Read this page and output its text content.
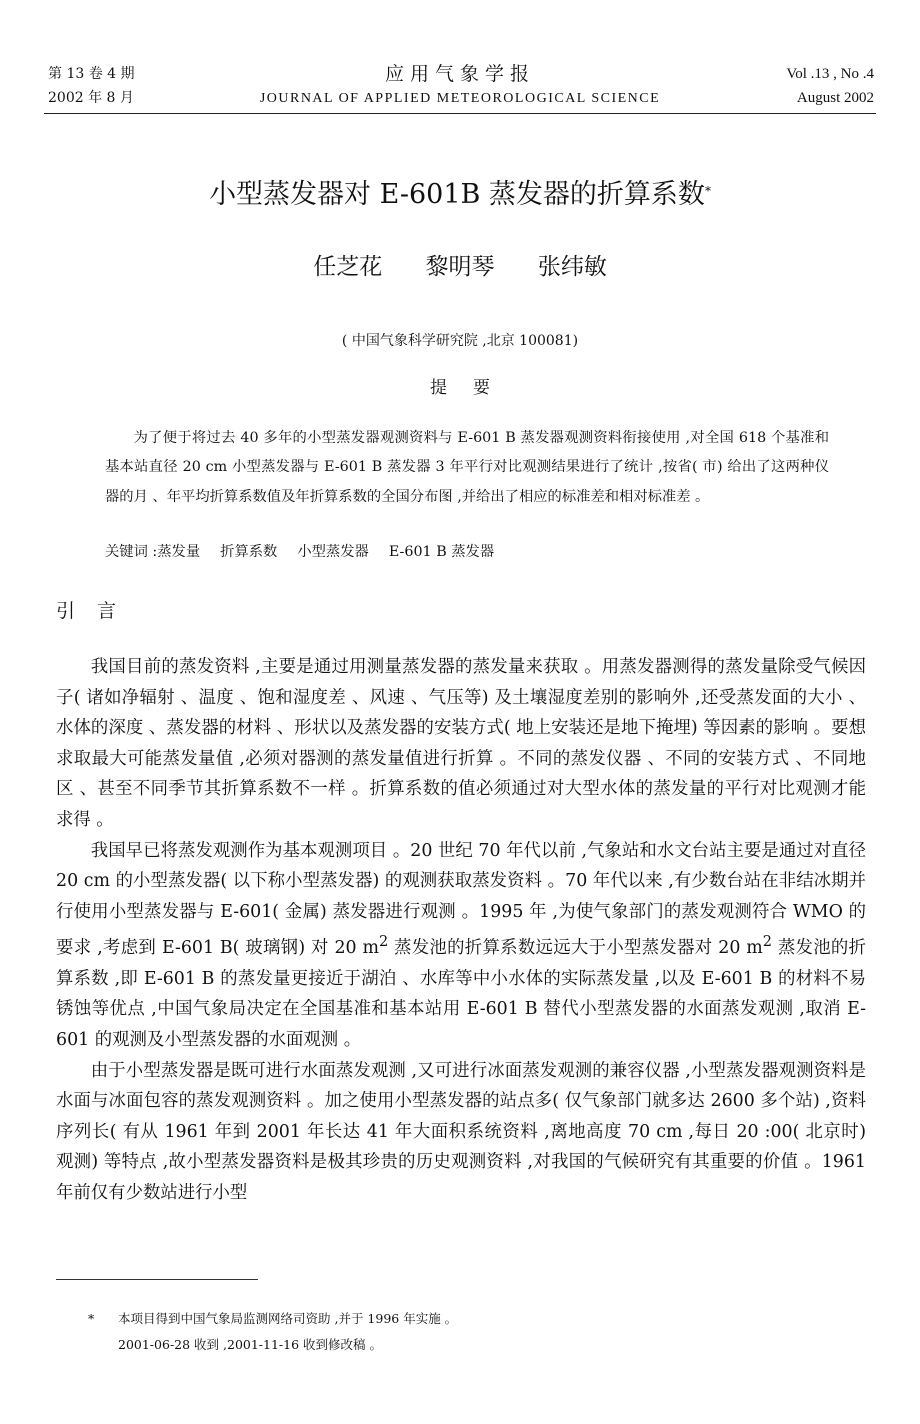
第 13 卷 4 期
2002 年 8 月
应用气象学报
JOURNAL OF APPLIED METEOROLOGICAL SCIENCE
Vol .13 , No .4
August 2002
小型蒸发器对 E-601B 蒸发器的折算系数*
任芝花 黎明琴 张纬敏
( 中国气象科学研究院 ,北京 100081)
提要

为了便于将过去 40 多年的小型蒸发器观测资料与 E-601 B 蒸发器观测资料衔接使用 ,对全国 618 个基准和基本站直径 20 cm 小型蒸发器与 E-601 B 蒸发器 3 年平行对比观测结果进行了统计 ,按省( 市) 给出了这两种仪器的月 、年平均折算系数值及年折算系数的全国分布图 ,并给出了相应的标准差和相对标准差 。

关键词 :蒸发量 折算系数 小型蒸发器 E-601 B 蒸发器
引言

我国目前的蒸发资料 ,主要是通过用测量蒸发器的蒸发量来获取 。用蒸发器测得的蒸发量除受气候因子( 诸如净辐射 、温度 、饱和湿度差 、风速 、气压等) 及土壤湿度差别的影响外 ,还受蒸发面的大小 、水体的深度 、蒸发器的材料 、形状以及蒸发器的安装方式( 地上安装还是地下掩埋) 等因素的影响 。要想求取最大可能蒸发量值 ,必须对器测的蒸发量值进行折算 。不同的蒸发仪器 、不同的安装方式 、不同地区 、甚至不同季节其折算系数不一样 。折算系数的值必须通过对大型水体的蒸发量的平行对比观测才能求得 。

我国早已将蒸发观测作为基本观测项目 。20 世纪 70 年代以前 ,气象站和水文台站主要是通过对直径 20 cm 的小型蒸发器( 以下称小型蒸发器) 的观测获取蒸发资料 。70 年代以来 ,有少数台站在非结冰期并行使用小型蒸发器与 E-601( 金属) 蒸发器进行观测 。1995 年 ,为使气象部门的蒸发观测符合 WMO 的要求 ,考虑到 E-601 B( 玻璃钢) 对 20 $m^2$ 蒸发池的折算系数远远大于小型蒸发器对 20 $m^2$ 蒸发池的折算系数 ,即 E-601 B 的蒸发量更接近于湖泊 、水库等中小水体的实际蒸发量 ,以及 E-601 B 的材料不易锈蚀等优点 ,中国气象局决定在全国基准和基本站用 E-601 B 替代小型蒸发器的水面蒸发观测 ,取消 E-601 的观测及小型蒸发器的水面观测 。

由于小型蒸发器是既可进行水面蒸发观测 ,又可进行冰面蒸发观测的兼容仪器 ,小型蒸发器观测资料是水面与冰面包容的蒸发观测资料 。加之使用小型蒸发器的站点多( 仅气象部门就多达 2600 多个站) ,资料序列长( 有从 1961 年到 2001 年长达 41 年大面积系统资料 ,离地高度 70 cm ,每日 20 :00( 北京时) 观测) 等特点 ,故小型蒸发器资料是极其珍贵的历史观测资料 ,对我国的气候研究有其重要的价值 。1961 年前仅有少数站进行小型

* 本项目得到中国气象局监测网络司资助 ,并于 1996 年实施 。
2001-06-28 收到 ,2001-11-16 收到修改稿 。
